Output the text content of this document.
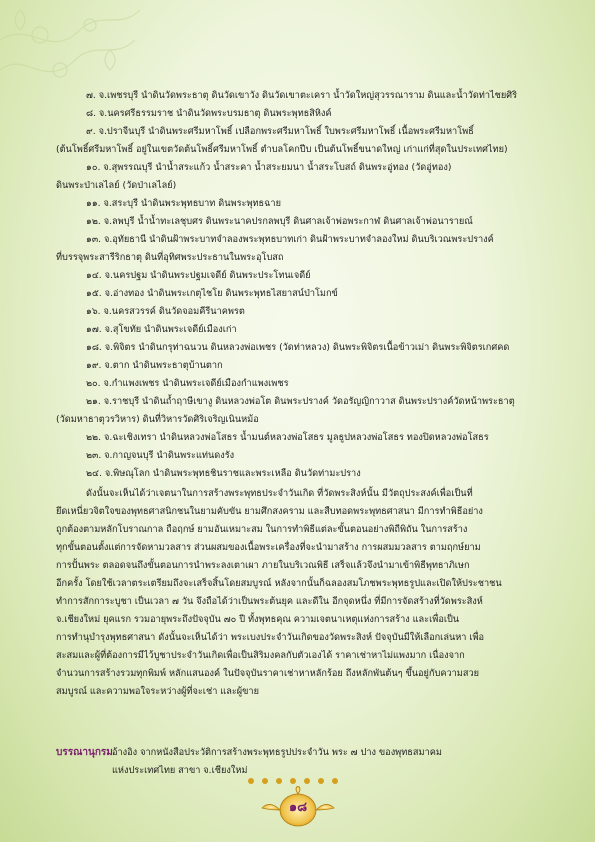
๗. จ.เพชรบุรี นำดินวัดพระธาตุ ดินวัดเขาวัง ดินวัดเขาตะเครา น้ำวัดใหญ่สุวรรณาราม ดินและน้ำวัดท่าไชยศิริ
๘. จ.นครศรีธรรมราช นำดินวัดพระบรมธาตุ ดินพระพุทธสิหิงค์
๙. จ.ปราจีนบุรี นำดินพระศรีมหาโพธิ์ เปลือกพระศรีมหาโพธิ์ ใบพระศรีมหาโพธิ์ เนื้อพระศรีมหาโพธิ์
(ต้นโพธิ์ศรีมหาโพธิ์ อยู่ในเขตวัดต้นโพธิ์ศรีมหาโพธิ์ ตำบลโคกปีบ เป็นต้นโพธิ์ขนาดใหญ่ เก่าแก่ที่สุดในประเทศไทย)
๑๐. จ.สุพรรณบุรี นำน้ำสระแก้ว น้ำสระคา น้ำสระยมนา น้ำสระโบสถ์ ดินพระอู่ทอง (วัดอู่ทอง)
ดินพระป่าเลไลย์ (วัดป่าเลไลย์)
๑๑. จ.สระบุรี นำดินพระพุทธบาท ดินพระพุทธฉาย
๑๒. จ.ลพบุรี น้ำน้ำทะเลชุบศร ดินพระนาคปรกลพบุรี ดินศาลเจ้าพ่อพระกาฬ ดินศาลเจ้าพ่อนารายณ์
๑๓. จ.อุทัยธานี นำดินฝ้าพระบาทจำลองพระพุทธบาทเก่า ดินฝ้าพระบาทจำลองใหม่ ดินบริเวณพระปรางค์
ที่บรรจุพระสารีริกธาตุ ดินที่อุทิศพระประธานในพระอุโบสถ
๑๔. จ.นครปฐม นำดินพระปฐมเจดีย์ ดินพระประโทนเจดีย์
๑๕. จ.อ่างทอง นำดินพระเกตุไชโย ดินพระพุทธไสยาสน์ป่าโมกข์
๑๖. จ.นครสวรรค์ ดินวัดจอมคีรีนาคพรต
๑๗. จ.สุโขทัย นำดินพระเจดีย์เมืองเก่า
๑๘. จ.พิจิตร นำดินกรุท่าฉนวน ดินหลวงพ่อเพชร (วัดท่าหลวง) ดินพระพิจิตรเนื้อข้าวเม่า ดินพระพิจิตรเกศคด
๑๙. จ.ตาก นำดินพระธาตุบ้านตาก
๒๐. จ.กำแพงเพชร นำดินพระเจดีย์เมืองกำแพงเพชร
๒๑. จ.ราชบุรี นำดินถ้ำฤาษีเขางู ดินหลวงพ่อโต ดินพระปรางค์ วัดอรัญญิกาวาส ดินพระปรางค์วัดหน้าพระธาตุ
(วัดมหาธาตุวรวิหาร) ดินที่วิหารวัดศิริเจริญเนินหม้อ
๒๒. จ.ฉะเชิงเทรา นำดินหลวงพ่อโสธร น้ำมนต์หลวงพ่อโสธร มูลธูปหลวงพ่อโสธร ทองปิดหลวงพ่อโสธร
๒๓. จ.กาญจนบุรี นำดินพระแท่นดงรัง
๒๔. จ.พิษณุโลก นำดินพระพุทธชินราชและพระเหลือ ดินวัดท่ามะปราง
ดังนั้นจะเห็นได้ว่าเจตนาในการสร้างพระพุทธประจำวันเกิด ที่วัดพระสิงห์นั้น มีวัตถุประสงค์เพื่อเป็นที่
ยึดเหนี่ยวจิตใจของพุทธศาสนิกชนในยามคับขัน ยามศึกสงคราม และสืบทอดพระพุทธศาสนา มีการทำพิธีอย่าง
ถูกต้องตามหลักโบราณกาล ถือฤกษ์ ยามอันเหมาะสม ในการทำพิธีแต่ละขั้นตอนอย่างพิถีพิถัน ในการสร้าง
ทุกขั้นตอนตั้งแต่การจัดหามวลสาร ส่วนผสมของเนื้อพระเครื่องที่จะนำมาสร้าง การผสมมวลสาร ตามฤกษ์ยาม
การปั้นพระ ตลอดจนถึงขั้นตอนการนำพระลงเตาเผา ภายในบริเวณพิธี เสร็จแล้วจึงนำมาเข้าพิธีพุทธาภิเษก
อีกครั้ง โดยใช้เวลาตระเตรียมถึงจะเสร็จสิ้นโดยสมบูรณ์ หลังจากนั้นก็ฉลองสมโภชพระพุทธรูปและเปิดให้ประชาชน
ทำการสักการะบูชา เป็นเวลา ๗ วัน จึงถือได้ว่าเป็นพระต้นยุค และดีใน อีกจุดหนึ่ง ที่มีการจัดสร้างที่วัดพระสิงห์
จ.เชียงใหม่ ยุคแรก รวมอายุพระถึงปัจจุบัน ๗๐ ปี ทั้งพุทธคุณ ความเจตนาเหตุแห่งการสร้าง และเพื่อเป็น
การทำนุบำรุงพุทธศาสนา ดังนั้นจะเห็นได้ว่า พระเบงประจำวันเกิดของวัดพระสิงห์ ปัจจุบันมีให้เลือกเล่นหา เพื่อ
สะสมและผู้ที่ต้องการมีไว้บูชาประจำวันเกิดเพื่อเป็นสิริมงคลกับตัวเองได้ ราคาเช่าหาไม่แพงมาก เนื่องจาก
จำนวนการสร้างรวมทุกพิมพ์ หลักแสนองค์ ในปัจจุบันราคาเช่าหาหลักร้อย ถึงหลักพันต้นๆ ขึ้นอยู่กับความสวย
สมบูรณ์ และความพอใจระหว่างผู้ที่จะเช่า และผู้ขาย
บรรณานุกรม อ้างอิง จากหนังสือประวัติการสร้างพระพุทธรูปประจำวัน พระ ๗ ปาง ของพุทธสมาคม
แห่งประเทศไทย สาขา จ.เชียงใหม่
๑๘
